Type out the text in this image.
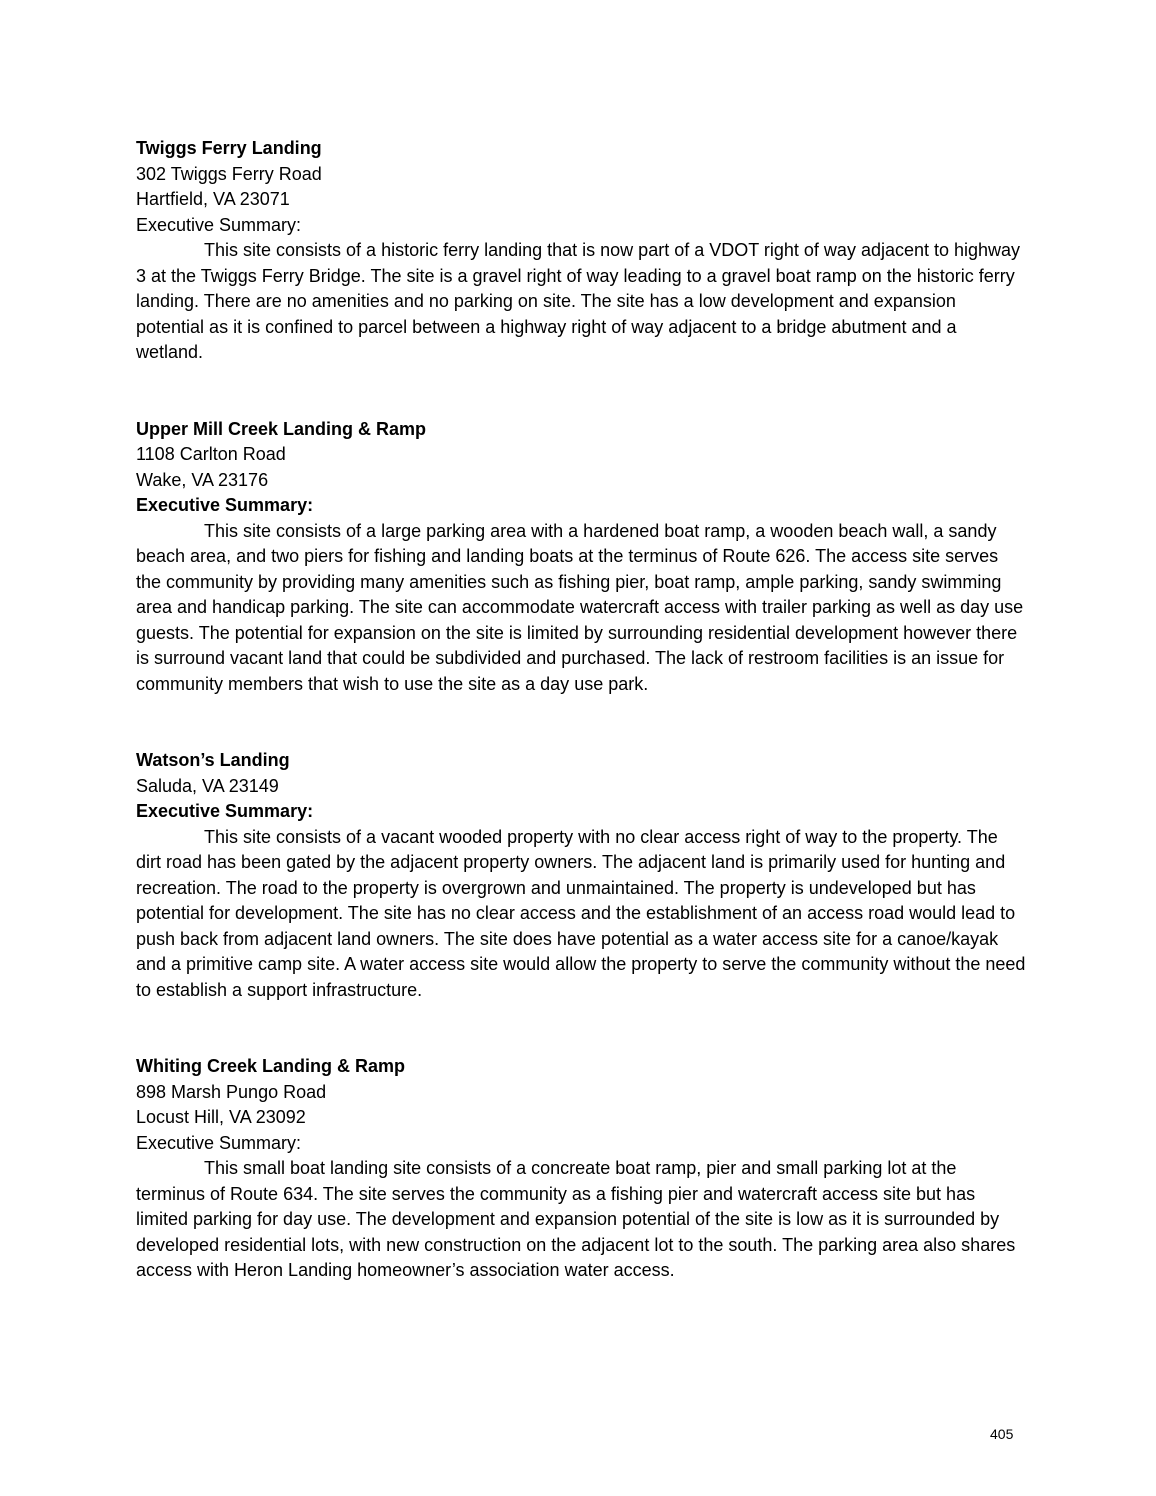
Twiggs Ferry Landing
302 Twiggs Ferry Road
Hartfield, VA 23071
Executive Summary:

This site consists of a historic ferry landing that is now part of a VDOT right of way adjacent to highway 3 at the Twiggs Ferry Bridge. The site is a gravel right of way leading to a gravel boat ramp on the historic ferry landing. There are no amenities and no parking on site. The site has a low development and expansion potential as it is confined to parcel between a highway right of way adjacent to a bridge abutment and a wetland.

Upper Mill Creek Landing & Ramp
1108 Carlton Road
Wake, VA 23176
Executive Summary:

This site consists of a large parking area with a hardened boat ramp, a wooden beach wall, a sandy beach area, and two piers for fishing and landing boats at the terminus of Route 626. The access site serves the community by providing many amenities such as fishing pier, boat ramp, ample parking, sandy swimming area and handicap parking. The site can accommodate watercraft access with trailer parking as well as day use guests. The potential for expansion on the site is limited by surrounding residential development however there is surround vacant land that could be subdivided and purchased. The lack of restroom facilities is an issue for community members that wish to use the site as a day use park.

Watson’s Landing
Saluda, VA 23149
Executive Summary:

This site consists of a vacant wooded property with no clear access right of way to the property. The dirt road has been gated by the adjacent property owners. The adjacent land is primarily used for hunting and recreation. The road to the property is overgrown and unmaintained. The property is undeveloped but has potential for development. The site has no clear access and the establishment of an access road would lead to push back from adjacent land owners. The site does have potential as a water access site for a canoe/kayak and a primitive camp site. A water access site would allow the property to serve the community without the need to establish a support infrastructure.

Whiting Creek Landing & Ramp
898 Marsh Pungo Road
Locust Hill, VA 23092
Executive Summary:

This small boat landing site consists of a concreate boat ramp, pier and small parking lot at the terminus of Route 634. The site serves the community as a fishing pier and watercraft access site but has limited parking for day use. The development and expansion potential of the site is low as it is surrounded by developed residential lots, with new construction on the adjacent lot to the south. The parking area also shares access with Heron Landing homeowner’s association water access.

405
